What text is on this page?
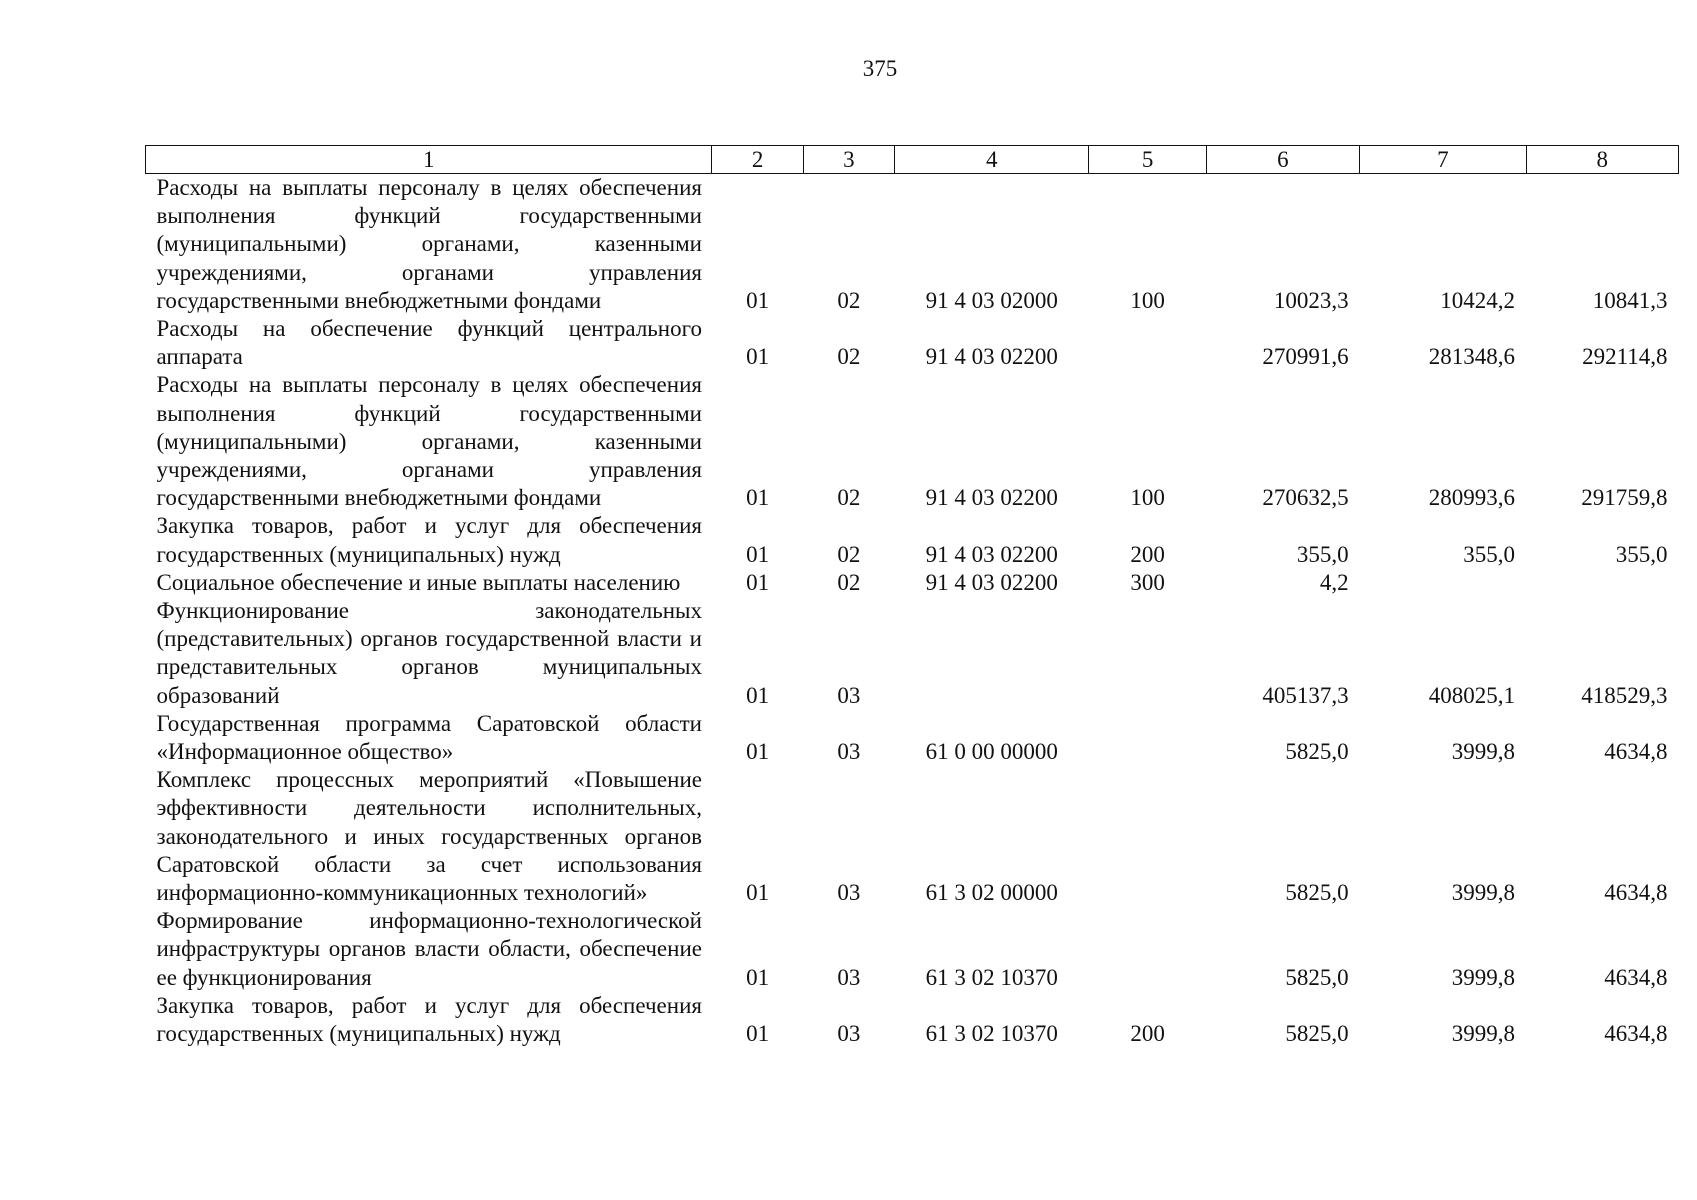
375
1	2	3	4	5	6	7	8
Расходы на выплаты персоналу в целях обеспечения выполнения функций государственными (муниципальными) органами, казенными учреждениями, органами управления государственными внебюджетными фондами	01	02	91 4 03 02000	100	10023,3	10424,2	10841,3
Расходы на обеспечение функций центрального аппарата	01	02	91 4 03 02200		270991,6	281348,6	292114,8
Расходы на выплаты персоналу в целях обеспечения выполнения функций государственными (муниципальными) органами, казенными учреждениями, органами управления государственными внебюджетными фондами	01	02	91 4 03 02200	100	270632,5	280993,6	291759,8
Закупка товаров, работ и услуг для обеспечения государственных (муниципальных) нужд	01	02	91 4 03 02200	200	355,0	355,0	355,0
Социальное обеспечение и иные выплаты населению	01	02	91 4 03 02200	300	4,2		
Функционирование законодательных (представительных) органов государственной власти и представительных органов муниципальных образований	01	03			405137,3	408025,1	418529,3
Государственная программа Саратовской области «Информационное общество»	01	03	61 0 00 00000		5825,0	3999,8	4634,8
Комплекс процессных мероприятий «Повышение эффективности деятельности исполнительных, законодательного и иных государственных органов Саратовской области за счет использования информационно-коммуникационных технологий»	01	03	61 3 02 00000		5825,0	3999,8	4634,8
Формирование информационно-технологической инфраструктуры органов власти области, обеспечение ее функционирования	01	03	61 3 02 10370		5825,0	3999,8	4634,8
Закупка товаров, работ и услуг для обеспечения государственных (муниципальных) нужд	01	03	61 3 02 10370	200	5825,0	3999,8	4634,8
